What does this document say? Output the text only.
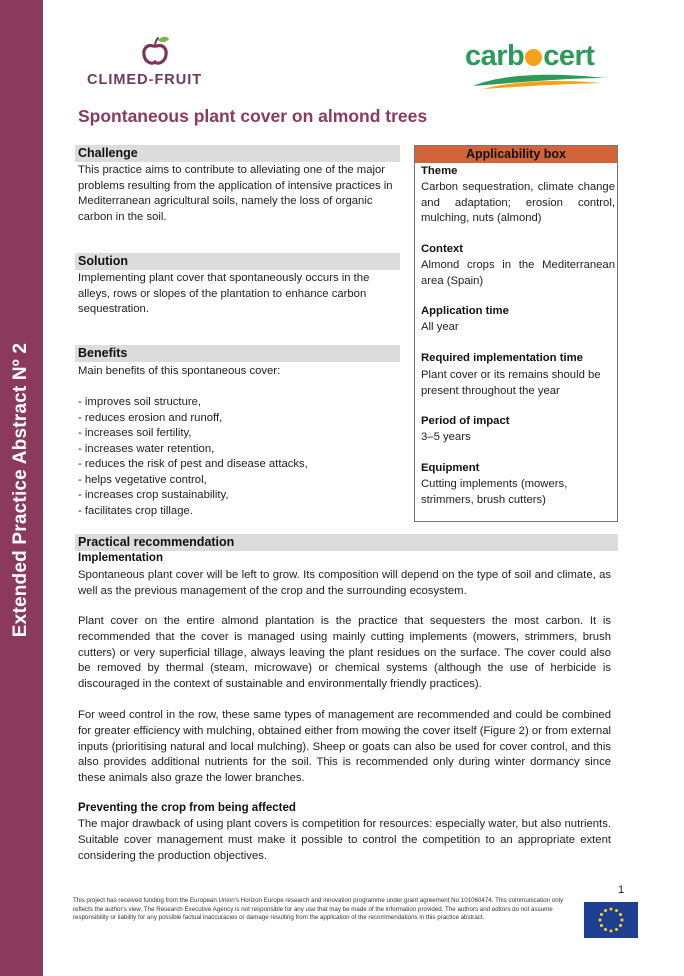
Extended Practice Abstract Nº 2
CLIMED-FRUIT
carb cert
Spontaneous plant cover on almond trees
Challenge
This practice aims to contribute to alleviating one of the major problems resulting from the application of intensive practices in Mediterranean agricultural soils, namely the loss of organic carbon in the soil.
Solution
Implementing plant cover that spontaneously occurs in the alleys, rows or slopes of the plantation to enhance carbon sequestration.
Benefits
Main benefits of this spontaneous cover:

- improves soil structure,

- reduces erosion and runoff,

- increases soil fertility,

- increases water retention,

- reduces the risk of pest and disease attacks,

- helps vegetative control,

- increases crop sustainability,

- facilitates crop tillage.

Applicability box
Theme
Carbon sequestration, climate change and adaptation; erosion control, mulching, nuts (almond)
Context
Almond crops in the Mediterranean area (Spain)
Application time
All year
Required implementation time
Plant cover or its remains should be present throughout the year
Period of impact
3–5 years
Equipment
Cutting implements (mowers, strimmers, brush cutters)
Practical recommendation
Implementation
Spontaneous plant cover will be left to grow. Its composition will depend on the type of soil and climate, as well as the previous management of the crop and the surrounding ecosystem.
Plant cover on the entire almond plantation is the practice that sequesters the most carbon. It is recommended that the cover is managed using mainly cutting implements (mowers, strimmers, brush cutters) or very superficial tillage, always leaving the plant residues on the surface. The cover could also be removed by thermal (steam, microwave) or chemical systems (although the use of herbicide is discouraged in the context of sustainable and environmentally friendly practices).
For weed control in the row, these same types of management are recommended and could be combined for greater efficiency with mulching, obtained either from mowing the cover itself (Figure 2) or from external inputs (prioritising natural and local mulching). Sheep or goats can also be used for cover control, and this also provides additional nutrients for the soil. This is recommended only during winter dormancy since these animals also graze the lower branches.
Preventing the crop from being affected
The major drawback of using plant covers is competition for resources: especially water, but also nutrients. Suitable cover management must make it possible to control the competition to an appropriate extent considering the production objectives.
1
This project has received funding from the European Union's Horizon Europe research and innovation programme under grant agreement No 101060474. This communication only reflects the author's view. The Research Executive Agency is not responsible for any use that may be made of the information provided. The authors and editors do not assume responsibility or liability for any possible factual inaccuracies or damage resulting from the application of the recommendations in this practice abstract.
